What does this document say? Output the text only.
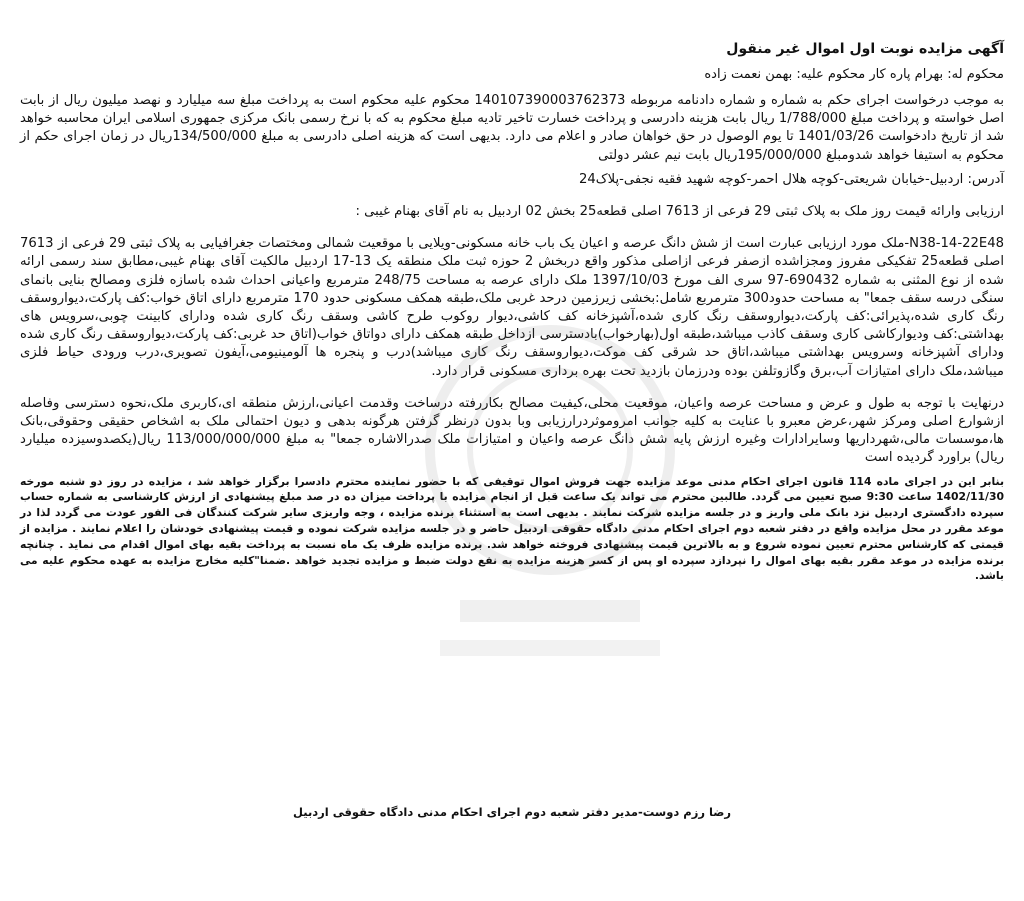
آگهی مزایده نوبت اول اموال غیر منقول
محکوم له: بهرام پاره کار محکوم علیه: بهمن نعمت زاده

به موجب درخواست اجرای حکم به شماره و شماره دادنامه مربوطه 140107390003762373 محکوم علیه محکوم است به پرداخت مبلغ سه میلیارد و نهصد میلیون ریال از بابت اصل خواسته و پرداخت مبلغ 1/788/000 ریال بابت هزینه دادرسی و پرداخت خسارت تاخیر تادیه مبلغ محکوم به که با نرخ رسمی بانک مرکزی جمهوری اسلامی ایران محاسبه خواهد شد از تاریخ دادخواست 1401/03/26 تا یوم الوصول در حق خواهان صادر و اعلام می دارد. بدیهی است که هزینه اصلی دادرسی به مبلغ 134/500/000ریال در زمان اجرای حکم از محکوم به استیفا خواهد شدومبلغ 195/000/000ریال بابت نیم عشر دولتی

آدرس: اردبیل-خیابان شریعتی-کوچه هلال احمر-کوچه شهید فقیه نجفی-پلاک24

ارزیابی وارائه قیمت روز ملک به پلاک ثبتی 29 فرعی از 7613 اصلی قطعه25 بخش 02 اردبیل به نام آقای بهنام غیبی :

N38-14-22E48-ملک مورد ارزیابی عبارت است از شش دانگ عرصه و اعیان یک باب خانه مسکونی-ویلایی با موقعیت شمالی ومختصات جغرافیایی به پلاک ثبتی 29 فرعی از 7613 اصلی قطعه25 تفکیکی مفروز ومجزاشده ازصفر فرعی ازاصلی مذکور واقع دربخش 2 حوزه ثبت ملک منطقه یک 13-17 اردبیل مالکیت آقای بهنام غیبی،مطابق سند رسمی ارائه شده از نوع المثنی به شماره 690432-97 سری الف مورخ 1397/10/03 ملک دارای عرصه به مساحت 248/75 مترمربع واعیانی احداث شده باسازه فلزی ومصالح بنایی بانمای سنگی درسه سقف جمعا" به مساحت حدود300 مترمربع شامل:بخشی زیرزمین درحد غربی ملک،طبقه همکف مسکونی حدود 170 مترمربع دارای اتاق خواب:کف پارکت،دیواروسقف رنگ کاری شده،پذیرائی:کف پارکت،دیواروسقف رنگ کاری شده،آشپزخانه کف کاشی،دیوار روکوب طرح کاشی وسقف رنگ کاری شده ودارای کابینت چوبی،سرویس های بهداشتی:کف ودیوارکاشی کاری وسقف کاذب میباشد،طبقه اول(بهارخواب)بادسترسی ازداخل طبقه همکف دارای دواتاق خواب(اتاق حد غربی:کف پارکت،دیواروسقف رنگ کاری شده ودارای آشپزخانه وسرویس بهداشتی میباشد،اتاق حد شرقی کف موکت،دیواروسقف رنگ کاری میباشد)درب و پنجره ها آلومینیومی،آیفون تصویری،درب ورودی حیاط فلزی میباشد،ملک دارای امتیازات آب،برق وگازوتلفن بوده ودرزمان بازدید تحت بهره برداری مسکونی قرار دارد.

درنهایت با توجه به طول و عرض و مساحت عرصه واعیان، موقعیت محلی،کیفیت مصالح بکاررفته درساخت وقدمت اعیانی،ارزش منطقه ای،کاربری ملک،نحوه دسترسی وفاصله ازشوارع اصلی ومرکز شهر،عرض معبرو با عنایت به کلیه جوانب امروموثردرارزیابی وبا بدون درنظر گرفتن هرگونه بدهی و دیون احتمالی ملک به اشخاص حقیقی وحقوقی،بانک ها،موسسات مالی،شهرداریها وسایرادارات وغیره ارزش پایه شش دانگ عرصه واعیان و امتیازات ملک صدرالاشاره جمعا" به مبلغ 113/000/000/000 ریال(یکصدوسیزده میلیارد ریال) براورد گردیده است

بنابر این در اجرای ماده 114 قانون اجرای احکام مدنی موعد مزایده جهت فروش اموال توقیفی که با حضور نماینده محترم دادسرا برگزار خواهد شد ، مزایده در روز دو شنبه مورخه 1402/11/30 ساعت 9:30 صبح تعیین می گردد. طالبین محترم می تواند یک ساعت قبل از انجام مزایده با پرداخت میزان ده در صد مبلغ پیشنهادی از ارزش کارشناسی به شماره حساب سپرده دادگستری اردبیل نزد بانک ملی واریز و در جلسه مزایده شرکت نمایند . بدیهی است به استثناء برنده مزایده ، وجه واریزی سایر شرکت کنندگان فی الفور عودت می گردد لذا در موعد مقرر در محل مزایده واقع در دفتر شعبه دوم اجرای احکام مدنی دادگاه حقوقی اردبیل حاضر و در جلسه مزایده شرکت نموده و قیمت پیشنهادی خودشان را اعلام نمایند . مزایده از قیمتی که کارشناس محترم تعیین نموده شروع و به بالاترین قیمت پیشنهادی فروخته خواهد شد. برنده مزایده ظرف یک ماه نسبت به پرداخت بقیه بهای اموال اقدام می نماید . چنانچه برنده مزایده در موعد مقرر بقیه بهای اموال را نپردازد سپرده او پس از کسر هزینه مزایده به نفع دولت ضبط و مزایده تجدید خواهد .ضمنا"کلیه مخارج مزایده به عهده محکوم علیه می باشد.

رضا رزم دوست-مدیر دفتر شعبه دوم اجرای احکام مدنی دادگاه حقوقی اردبیل
